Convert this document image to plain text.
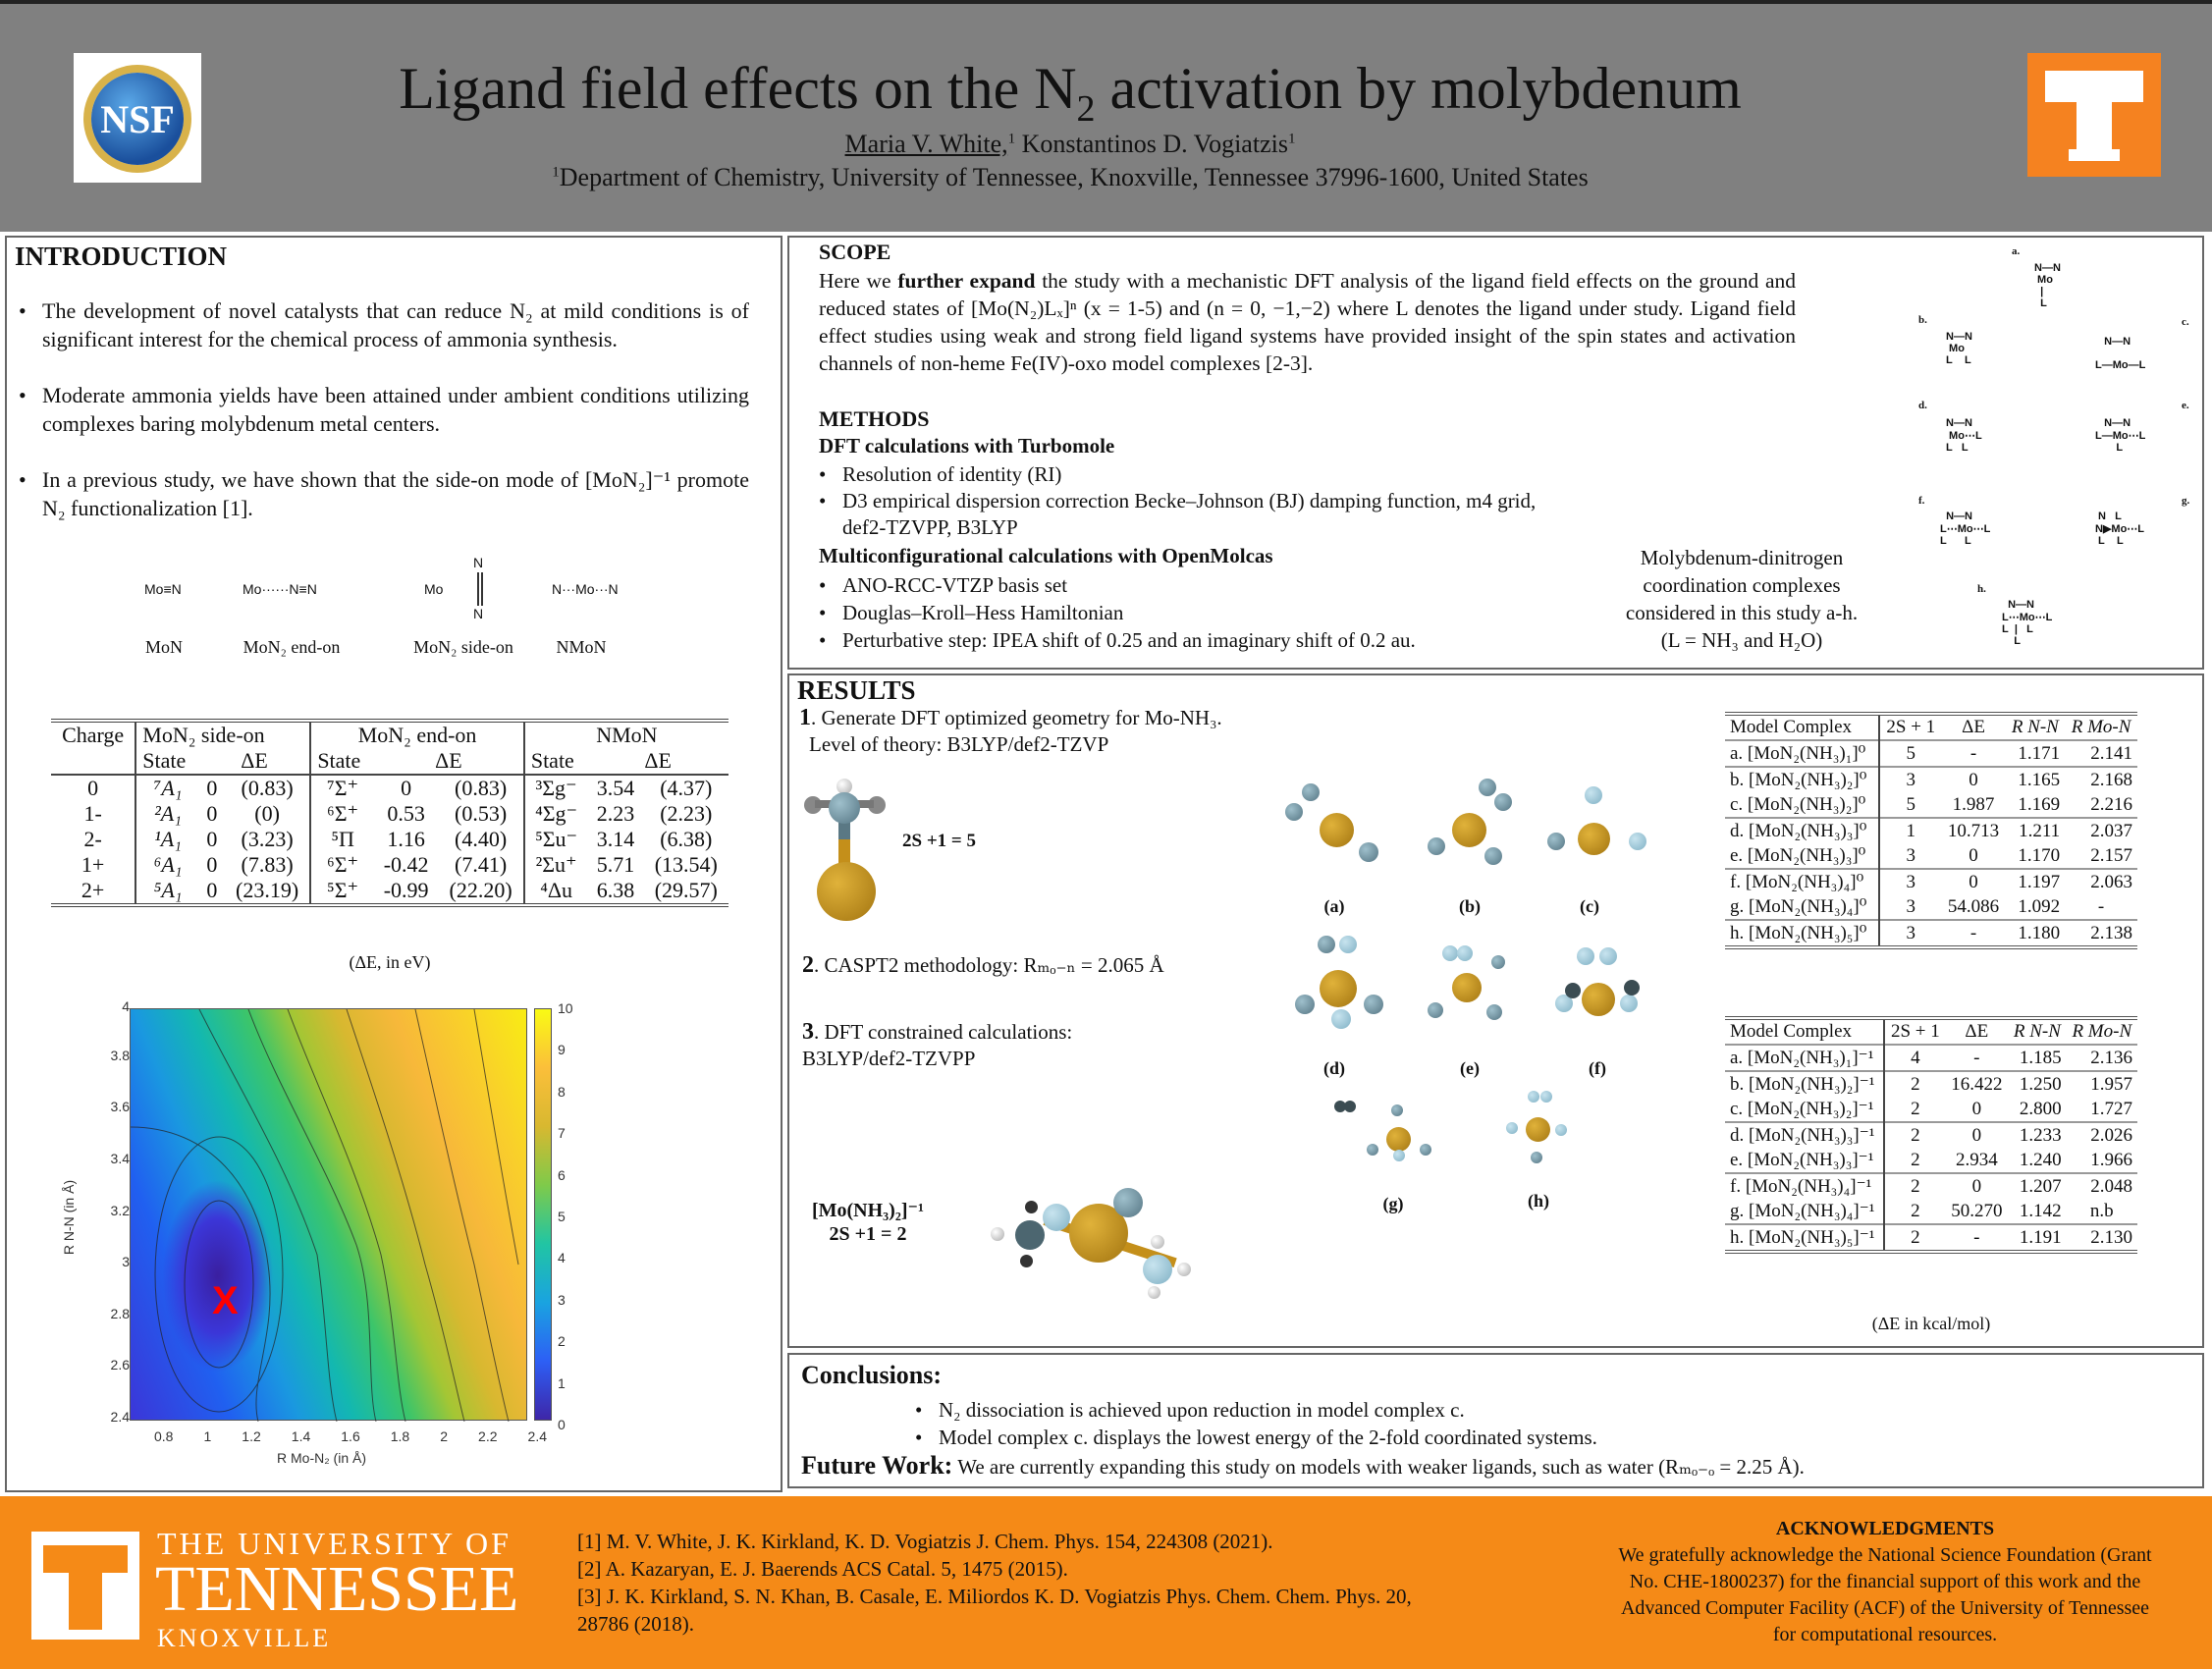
NSF	Ligand field effects on the $N_2$ activation by molybdenum
Maria V. White,$^1$ Konstantinos D. Vogiatzis$^1$
$^1$Department of Chemistry, University of Tennessee, Knoxville, Tennessee 37996-1600, United States
INTRODUCTION
• The development of novel catalysts that can reduce N₂ at mild conditions is of significant interest for the chemical process of ammonia synthesis.
• Moderate ammonia yields have been attained under ambient conditions utilizing complexes baring molybdenum metal centers.
• In a previous study, we have shown that the side-on mode of [MoN₂]⁻¹ promote N₂ functionalization [1].
Mo≡N	Mo······N≡N	Mo
N
N
N···Mo···N
MoN	MoN₂ end-on	MoN₂ side-on	NMoN
Charge	MoN₂ side-on			MoN₂ end-on			NMoN		
	State	ΔE		State	ΔE		State	ΔE	
0	⁷A₁	0	(0.83)	⁷Σ⁺	0	(0.83)	³Σg⁻	3.54	(4.37)
1-	²A₁	0	(0)	⁶Σ⁺	0.53	(0.53)	⁴Σg⁻	2.23	(2.23)
2-	¹A₁	0	(3.23)	⁵Π	1.16	(4.40)	⁵Σu⁻	3.14	(6.38)
1+	⁶A₁	0	(7.83)	⁶Σ⁺	-0.42	(7.41)	²Σu⁺	5.71	(13.54)
2+	⁵A₁	0	(23.19)	⁵Σ⁺	-0.99	(22.20)	⁴Δu	6.38	(29.57)
(ΔE, in eV)
X
4
3.8
3.6
3.4
3.2
3
2.8
2.6
2.4
R N-N (in Å)
0.8 1 1.2 1.4 1.6 1.8 2 2.2 2.4
R Mo-N₂ (in Å)
10
9
8
7
6
5
4
3
2
1
0
SCOPE

Here we further expand the study with a mechanistic DFT analysis of the ligand field effects on the ground and reduced states of [Mo(N₂)Lₓ]ⁿ (x = 1-5) and (n = 0, −1,−2) where L denotes the ligand under study. Ligand field effect studies using weak and strong field ligand systems have provided insight of the spin states and activation channels of non-heme Fe(IV)-oxo model complexes [2-3].

METHODS
DFT calculations with Turbomole
• Resolution of identity (RI)
• D3 empirical dispersion correction Becke–Johnson (BJ) damping function, m4 grid, def2-TZVPP, B3LYP
Multiconfigurational calculations with OpenMolcas
• ANO-RCC-VTZP basis set
• Douglas–Kroll–Hess Hamiltonian
• Perturbative step: IPEA shift of 0.25 and an imaginary shift of 0.2 au.
Molybdenum-dinitrogen
coordination complexes
considered in this study a-h.
(L = NH₃ and H₂O)
a.
N—N
Mo
|
L
b.
N—N
Mo
L    L
c.
N—N

L—Mo—L
d.
N—N
Mo⋯L
L   L
e.
N—N
L—Mo⋯L
L
f.
N—N
L⋯Mo⋯L
L      L
g.
N   L
N▶Mo⋯L
L    L
h.
N—N
L⋯Mo⋯L
L  |   L
L
RESULTS
1. Generate DFT optimized geometry for Mo-NH₃.
Level of theory: B3LYP/def2-TZVP
2S +1 = 5
2. CASPT2 methodology: Rₘₒ₋ₙ = 2.065 Å
3. DFT constrained calculations:
B3LYP/def2-TZVPP
[Mo(NH₃)₂]⁻¹
2S +1 = 2
(a)	(b)	(c)
(d)	(e)	(f)
(g)	(h)
Model Complex	2S + 1	ΔE	R N-N	R Mo-N
a. [MoN₂(NH₃)₁]⁰	5	-	1.171	2.141
b. [MoN₂(NH₃)₂]⁰	3	0	1.165	2.168
c. [MoN₂(NH₃)₂]⁰	5	1.987	1.169	2.216
d. [MoN₂(NH₃)₃]⁰	1	10.713	1.211	2.037
e. [MoN₂(NH₃)₃]⁰	3	0	1.170	2.157
f. [MoN₂(NH₃)₄]⁰	3	0	1.197	2.063
g. [MoN₂(NH₃)₄]⁰	3	54.086	1.092	-
h. [MoN₂(NH₃)₅]⁰	3	-	1.180	2.138
Model Complex	2S + 1	ΔE	R N-N	R Mo-N
a. [MoN₂(NH₃)₁]⁻¹	4	-	1.185	2.136
b. [MoN₂(NH₃)₂]⁻¹	2	16.422	1.250	1.957
c. [MoN₂(NH₃)₂]⁻¹	2	0	2.800	1.727
d. [MoN₂(NH₃)₃]⁻¹	2	0	1.233	2.026
e. [MoN₂(NH₃)₃]⁻¹	2	2.934	1.240	1.966
f. [MoN₂(NH₃)₄]⁻¹	2	0	1.207	2.048
g. [MoN₂(NH₃)₄]⁻¹	2	50.270	1.142	n.b
h. [MoN₂(NH₃)₅]⁻¹	2	-	1.191	2.130
(ΔE in kcal/mol)
Conclusions:
• N₂ dissociation is achieved upon reduction in model complex c.
• Model complex c. displays the lowest energy of the 2-fold coordinated systems.
Future Work: We are currently expanding this study on models with weaker ligands, such as water (Rₘₒ₋ₒ = 2.25 Å).
THE UNIVERSITY OF
TENNESSEE
KNOXVILLE
[1] M. V. White, J. K. Kirkland, K. D. Vogiatzis J. Chem. Phys. 154, 224308 (2021).
[2] A. Kazaryan, E. J. Baerends ACS Catal. 5, 1475 (2015).
[3] J. K. Kirkland, S. N. Khan, B. Casale, E. Miliordos K. D. Vogiatzis Phys. Chem. Chem. Phys. 20, 28786 (2018).
ACKNOWLEDGMENTS
We gratefully acknowledge the National Science Foundation (Grant No. CHE-1800237) for the financial support of this work and the Advanced Computer Facility (ACF) of the University of Tennessee for computational resources.
